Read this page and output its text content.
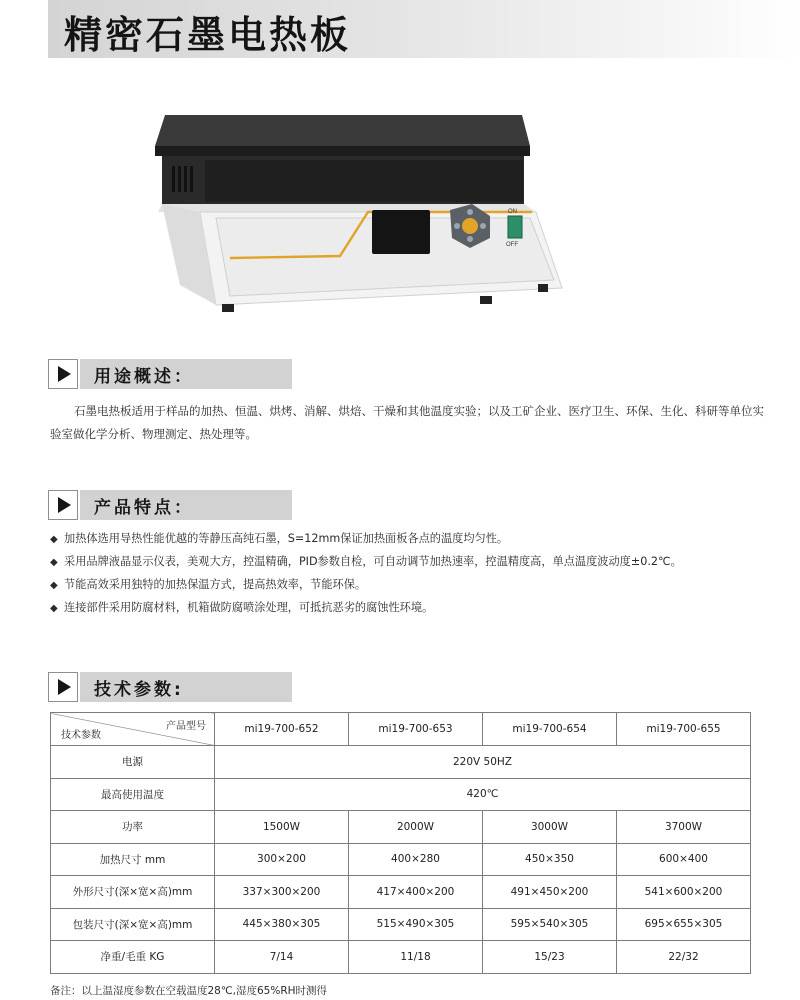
精密石墨电热板
ON
OFF
用途概述：

石墨电热板适用于样品的加热、恒温、烘烤、消解、烘焙、干燥和其他温度实验；以及工矿企业、医疗卫生、环保、生化、科研等单位实验室做化学分析、物理测定、热处理等。

产品特点：
◆ 加热体选用导热性能优越的等静压高纯石墨，S=12mm保证加热面板各点的温度均匀性。
◆ 采用品牌液晶显示仪表，美观大方，控温精确，PID参数自检，可自动调节加热速率，控温精度高，单点温度波动度±0.2℃。
◆ 节能高效采用独特的加热保温方式，提高热效率，节能环保。
◆ 连接部件采用防腐材料，机箱做防腐喷涂处理，可抵抗恶劣的腐蚀性环境。
技术参数:
产品型号
技术参数	mi19-700-652	mi19-700-653	mi19-700-654	mi19-700-655
电源	220V 50HZ			
最高使用温度	420℃			
功率	1500W	2000W	3000W	3700W
加热尺寸 mm	300×200	400×280	450×350	600×400
外形尺寸(深×宽×高)mm	337×300×200	417×400×200	491×450×200	541×600×200
包装尺寸(深×宽×高)mm	445×380×305	515×490×305	595×540×305	695×655×305
净重/毛重 KG	7/14	11/18	15/23	22/32
备注：以上温湿度参数在空载温度28℃,湿度65%RH时测得
